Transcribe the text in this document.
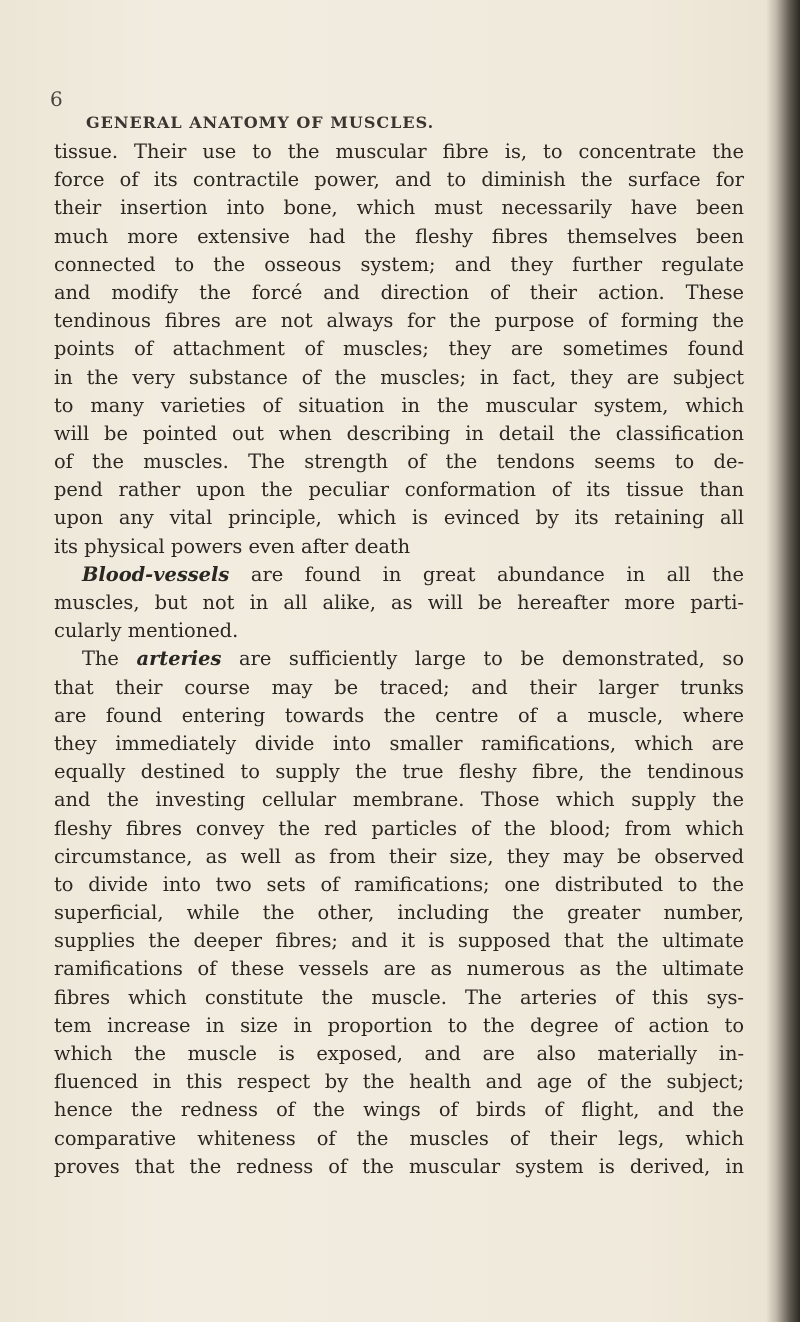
6
GENERAL ANATOMY OF MUSCLES.
tissue. Their use to the muscular fibre is, to concentrate the
force of its contractile power, and to diminish the surface for
their insertion into bone, which must necessarily have been
much more extensive had the fleshy fibres themselves been
connected to the osseous system; and they further regulate
and modify the forcé and direction of their action. These
tendinous fibres are not always for the purpose of forming the
points of attachment of muscles; they are sometimes found
in the very substance of the muscles; in fact, they are subject
to many varieties of situation in the muscular system, which
will be pointed out when describing in detail the classification
of the muscles. The strength of the tendons seems to de-
pend rather upon the peculiar conformation of its tissue than
upon any vital principle, which is evinced by its retaining all
its physical powers even after death
Blood-vessels are found in great abundance in all the
muscles, but not in all alike, as will be hereafter more parti-
cularly mentioned.
The arteries are sufficiently large to be demonstrated, so
that their course may be traced; and their larger trunks
are found entering towards the centre of a muscle, where
they immediately divide into smaller ramifications, which are
equally destined to supply the true fleshy fibre, the tendinous
and the investing cellular membrane. Those which supply the
fleshy fibres convey the red particles of the blood; from which
circumstance, as well as from their size, they may be observed
to divide into two sets of ramifications; one distributed to the
superficial, while the other, including the greater number,
supplies the deeper fibres; and it is supposed that the ultimate
ramifications of these vessels are as numerous as the ultimate
fibres which constitute the muscle. The arteries of this sys-
tem increase in size in proportion to the degree of action to
which the muscle is exposed, and are also materially in-
fluenced in this respect by the health and age of the subject;
hence the redness of the wings of birds of flight, and the
comparative whiteness of the muscles of their legs, which
proves that the redness of the muscular system is derived, in
